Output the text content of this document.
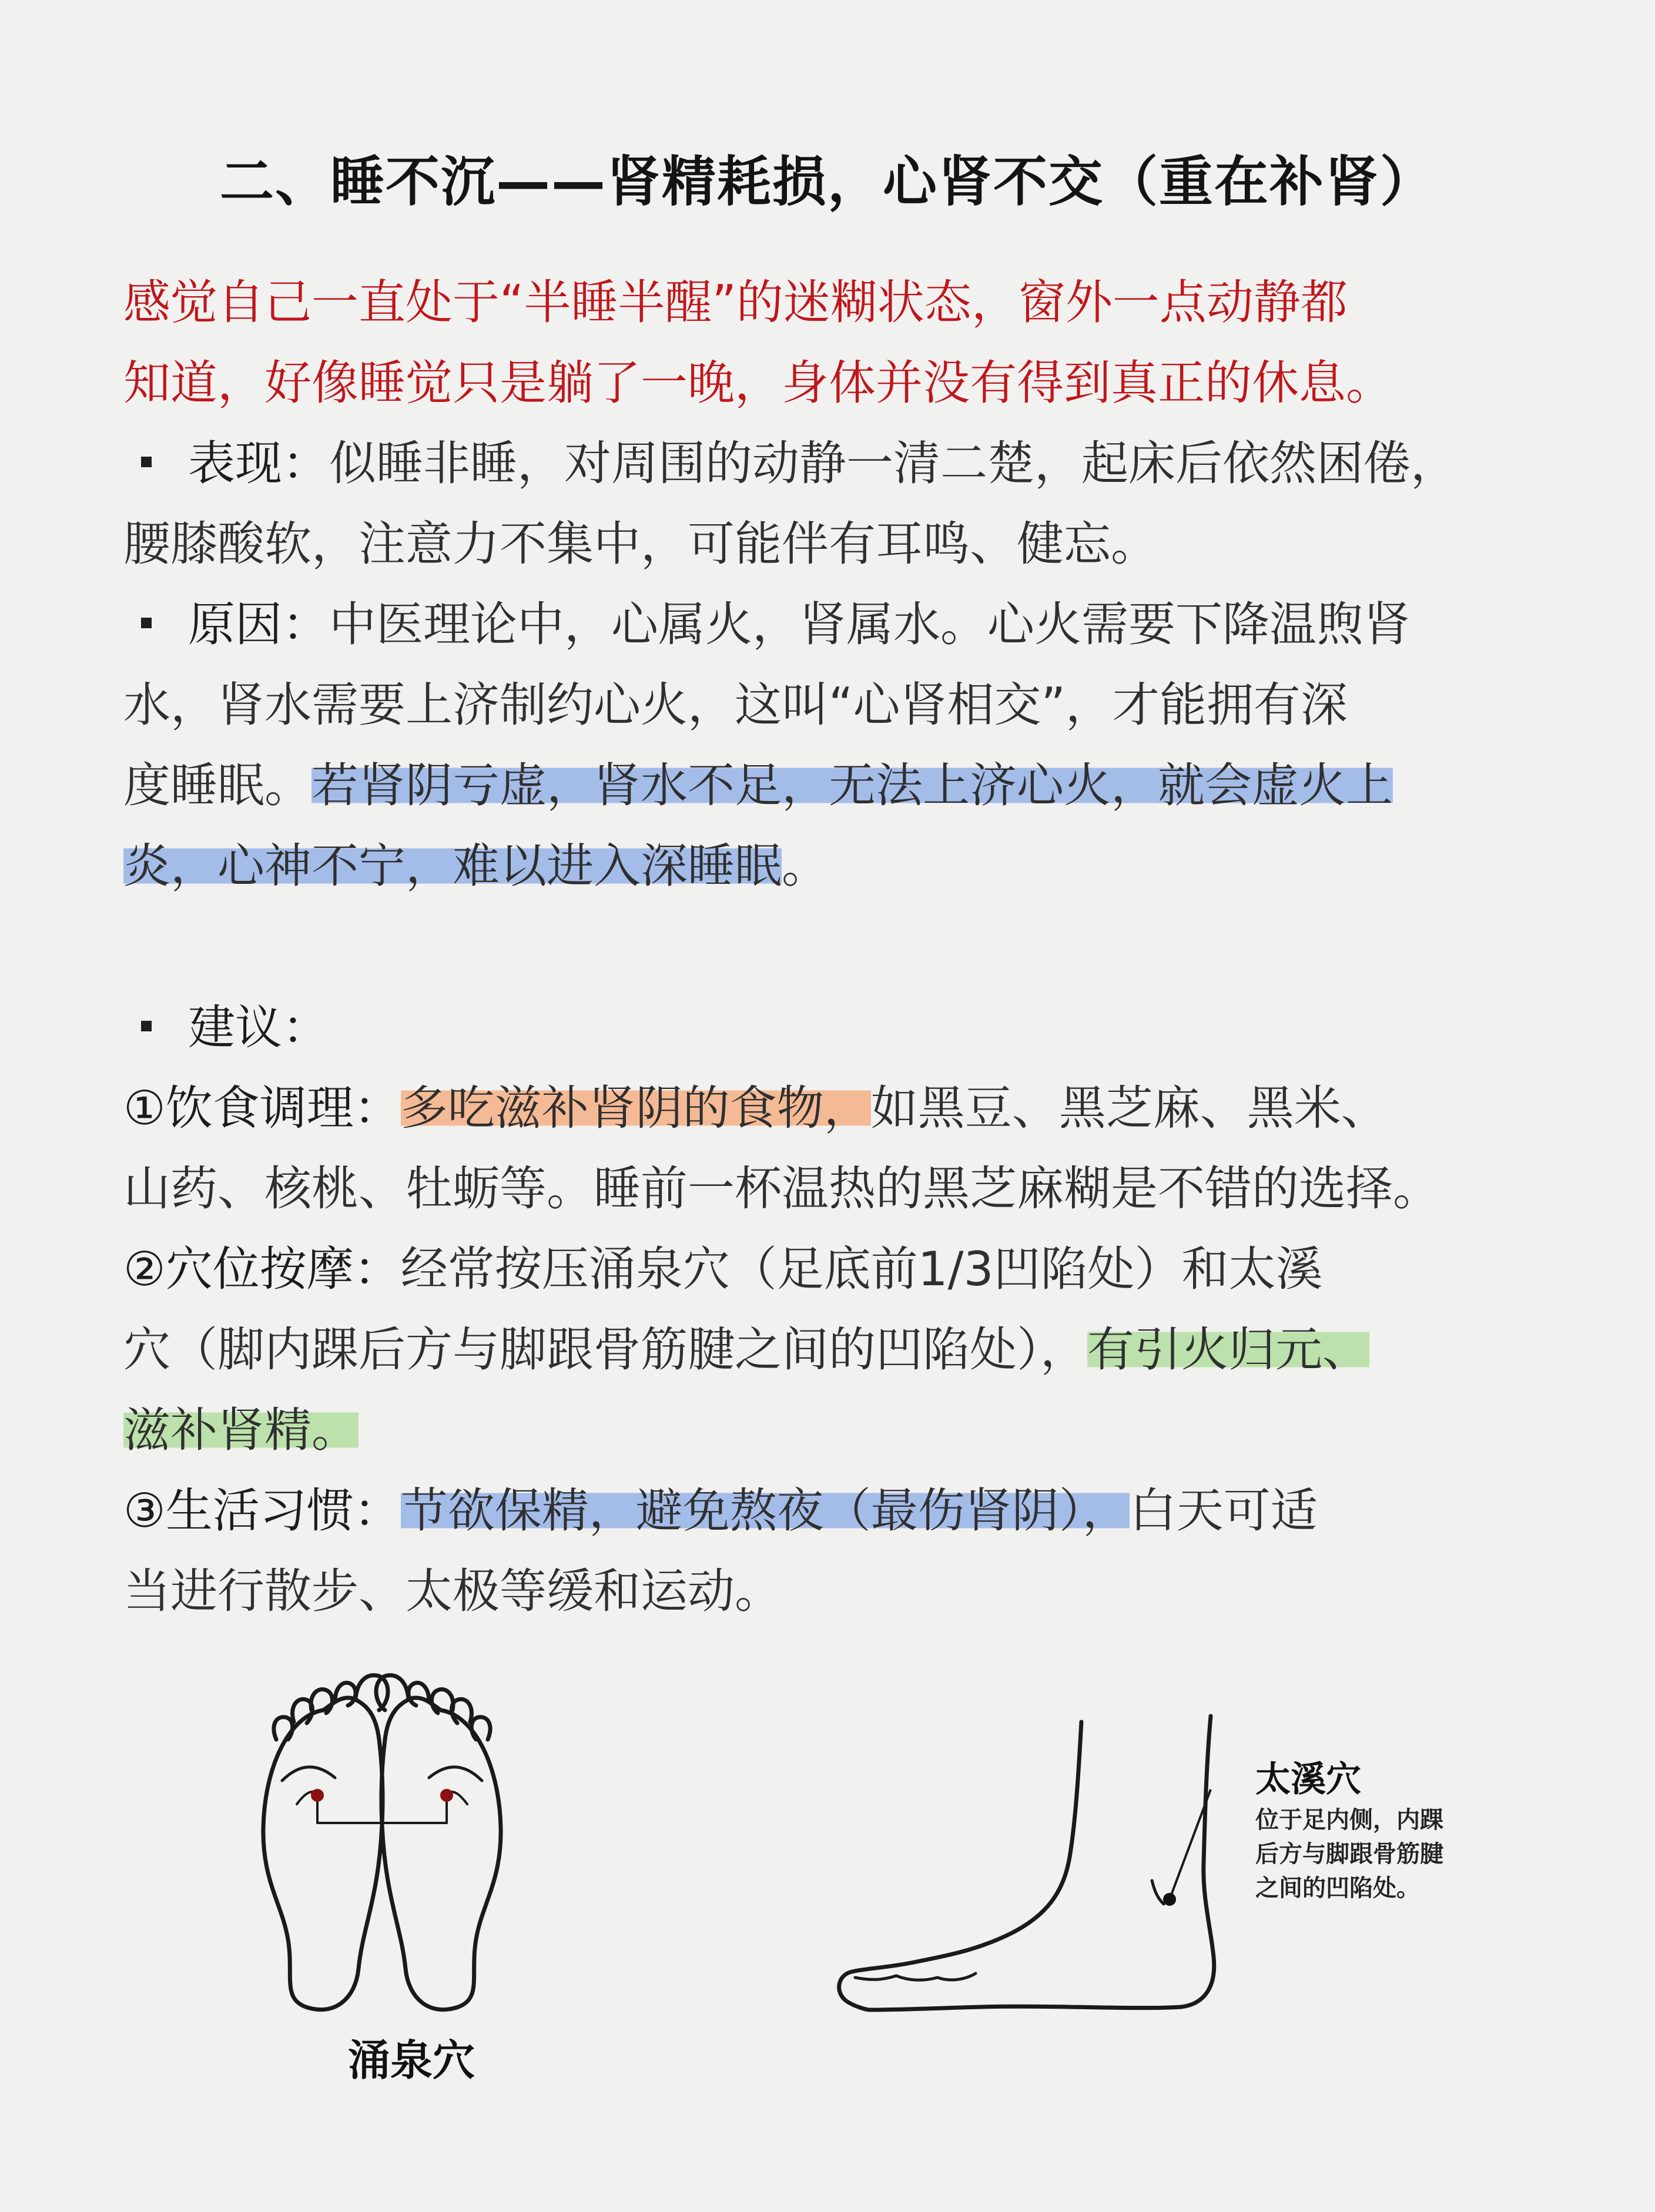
二、睡不沉——肾精耗损，心肾不交（重在补肾）
感觉自己一直处于“半睡半醒”的迷糊状态，窗外一点动静都
知道，好像睡觉只是躺了一晚，身体并没有得到真正的休息。
表现：似睡非睡，对周围的动静一清二楚，起床后依然困倦，
腰膝酸软，注意力不集中，可能伴有耳鸣、健忘。
原因：中医理论中，心属火，肾属水。心火需要下降温煦肾
水，肾水需要上济制约心火，这叫“心肾相交”，才能拥有深
度睡眠。若肾阴亏虚，肾水不足，无法上济心火，就会虚火上
炎，心神不宁，难以进入深睡眠。
建议：
①饮食调理：多吃滋补肾阴的食物，如黑豆、黑芝麻、黑米、
山药、核桃、牡蛎等。睡前一杯温热的黑芝麻糊是不错的选择。
②穴位按摩：经常按压涌泉穴（足底前1/3凹陷处）和太溪
穴（脚内踝后方与脚跟骨筋腱之间的凹陷处），有引火归元、
滋补肾精。
③生活习惯：节欲保精，避免熬夜（最伤肾阴），白天可适
当进行散步、太极等缓和运动。
涌泉穴
太溪穴
位于足内侧，内踝
后方与脚跟骨筋腱
之间的凹陷处。
